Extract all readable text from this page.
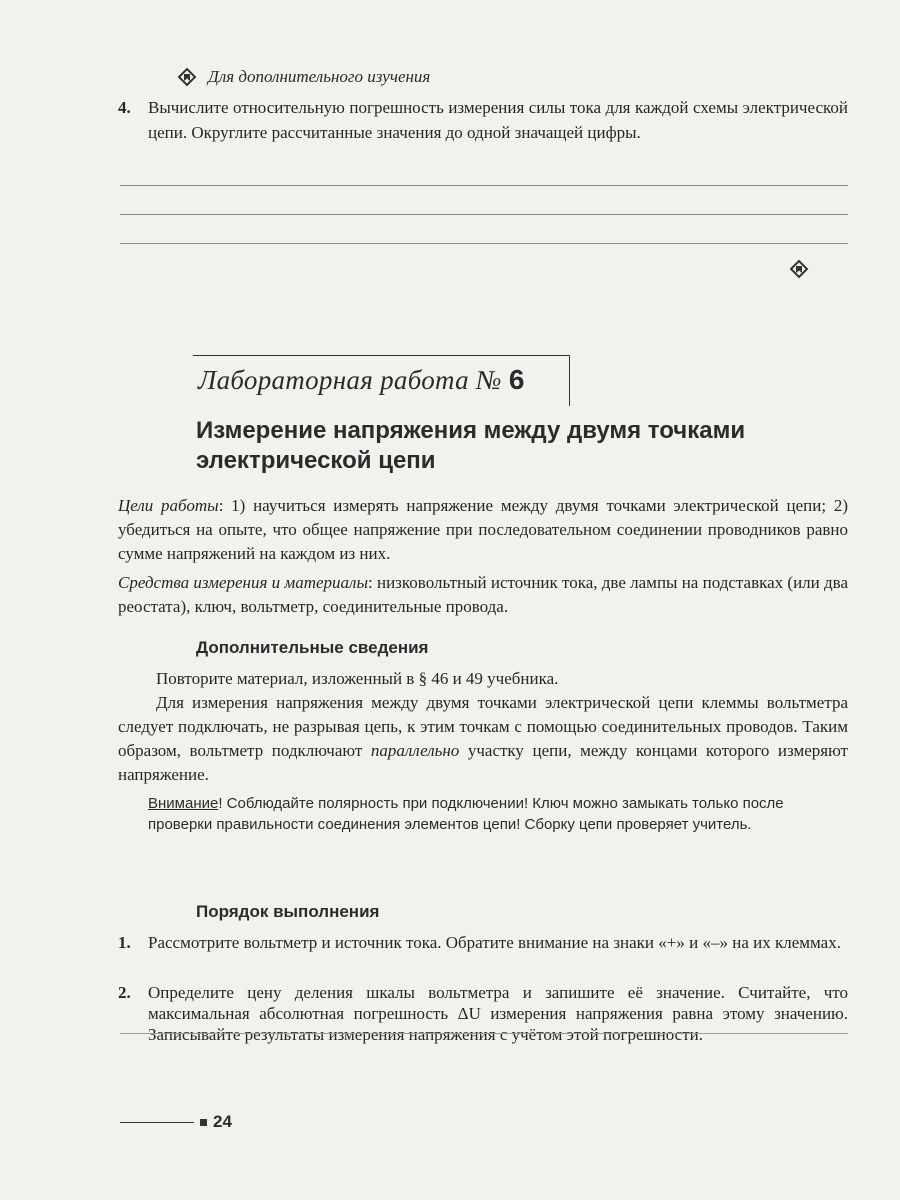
Для дополнительного изучения
4.	Вычислите относительную погрешность измерения силы тока для каждой схемы электрической цепи. Округлите рассчитанные значения до одной значащей цифры.
Лабораторная работа № 6
Измерение напряжения между двумя точками электрической цепи
Цели работы: 1) научиться измерять напряжение между двумя точками электрической цепи; 2) убедиться на опыте, что общее напряжение при последовательном соединении проводников равно сумме напряжений на каждом из них.
Средства измерения и материалы: низковольтный источник тока, две лампы на подставках (или два реостата), ключ, вольтметр, соединительные провода.
Дополнительные сведения
Повторите материал, изложенный в § 46 и 49 учебника.
Для измерения напряжения между двумя точками электрической цепи клеммы вольтметра следует подключать, не разрывая цепь, к этим точкам с помощью соединительных проводов. Таким образом, вольтметр подключают параллельно участку цепи, между концами которого измеряют напряжение.
Внимание! Соблюдайте полярность при подключении! Ключ можно замыкать только после проверки правильности соединения элементов цепи! Сборку цепи проверяет учитель.
Порядок выполнения
1.	Рассмотрите вольтметр и источник тока. Обратите внимание на знаки «+» и «–» на их клеммах.
2.	Определите цену деления шкалы вольтметра и запишите её значение. Считайте, что максимальная абсолютная погрешность ΔU измерения напряжения равна этому значению. Записывайте результаты измерения напряжения с учётом этой погрешности.
24
